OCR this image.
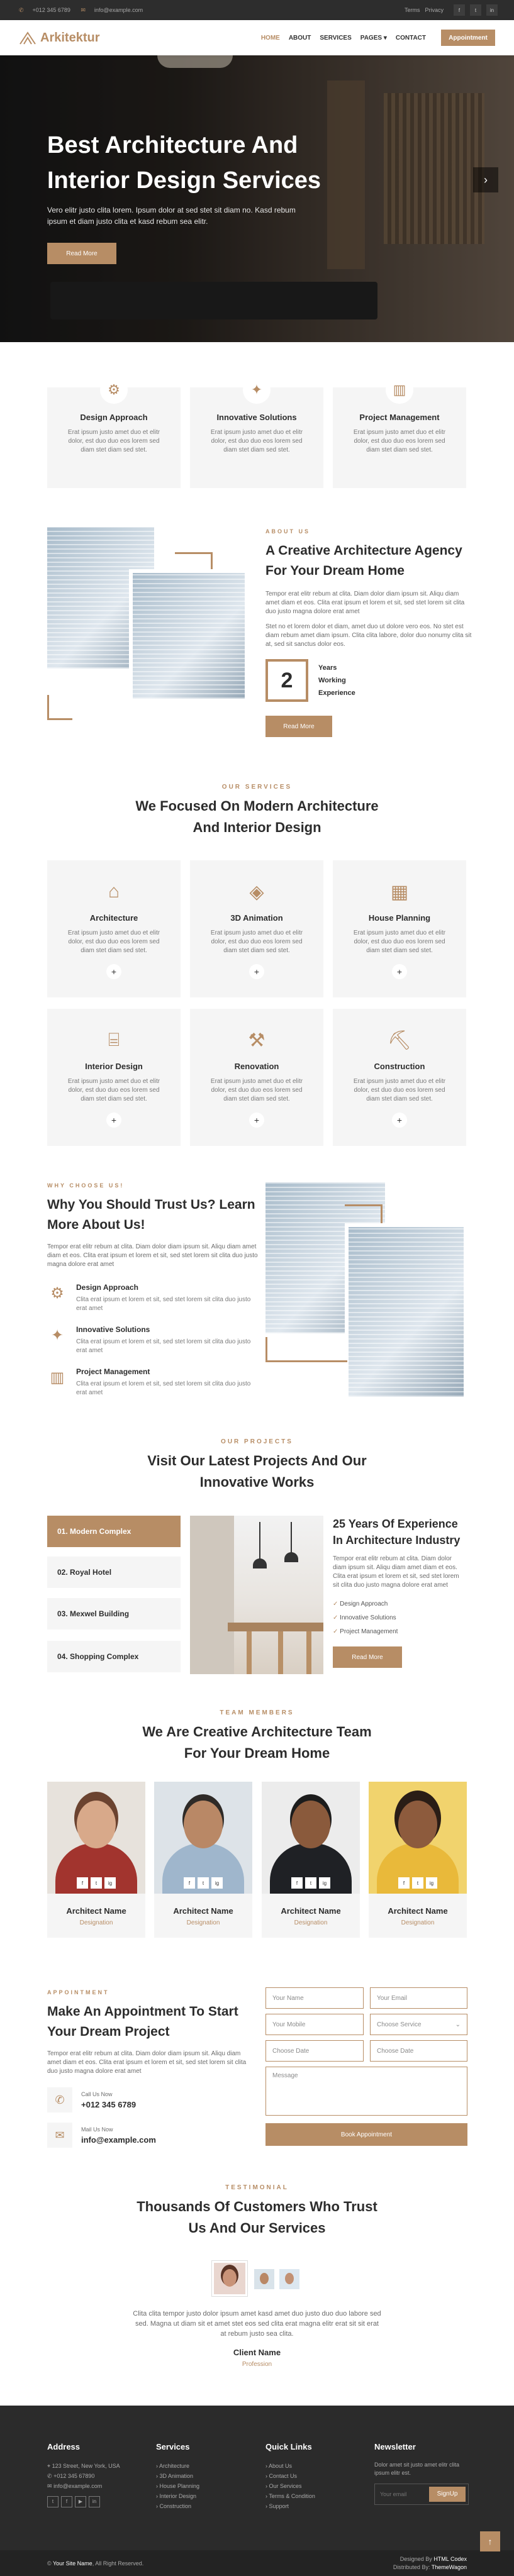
✆ +012 345 6789 ✉ info@example.com	Terms Privacy	f	t	in
Arkitektur	HOME ABOUT SERVICES PAGES ▾ CONTACT	Appointment
›
Best Architecture And Interior Design Services

Vero elitr justo clita lorem. Ipsum dolor at sed stet sit diam no. Kasd rebum ipsum et diam justo clita et kasd rebum sea elitr.

Read More
⚙
Design Approach

Erat ipsum justo amet duo et elitr dolor, est duo duo eos lorem sed diam stet diam sed stet.

✦
Innovative Solutions

Erat ipsum justo amet duo et elitr dolor, est duo duo eos lorem sed diam stet diam sed stet.

▥
Project Management

Erat ipsum justo amet duo et elitr dolor, est duo duo eos lorem sed diam stet diam sed stet.

ABOUT US
A Creative Architecture Agency For Your Dream Home

Tempor erat elitr rebum at clita. Diam dolor diam ipsum sit. Aliqu diam amet diam et eos. Clita erat ipsum et lorem et sit, sed stet lorem sit clita duo justo magna dolore erat amet

Stet no et lorem dolor et diam, amet duo ut dolore vero eos. No stet est diam rebum amet diam ipsum. Clita clita labore, dolor duo nonumy clita sit at, sed sit sanctus dolor eos.

2
Years Working Experience
Read More
OUR SERVICES
We Focused On Modern Architecture And Interior Design
⌂
Architecture

Erat ipsum justo amet duo et elitr dolor, est duo duo eos lorem sed diam stet diam sed stet.

+
◈
3D Animation

Erat ipsum justo amet duo et elitr dolor, est duo duo eos lorem sed diam stet diam sed stet.

+
▦
House Planning

Erat ipsum justo amet duo et elitr dolor, est duo duo eos lorem sed diam stet diam sed stet.

+
⌸
Interior Design

Erat ipsum justo amet duo et elitr dolor, est duo duo eos lorem sed diam stet diam sed stet.

+
⚒
Renovation

Erat ipsum justo amet duo et elitr dolor, est duo duo eos lorem sed diam stet diam sed stet.

+
⛏
Construction

Erat ipsum justo amet duo et elitr dolor, est duo duo eos lorem sed diam stet diam sed stet.

+
WHY CHOOSE US!
Why You Should Trust Us? Learn More About Us!

Tempor erat elitr rebum at clita. Diam dolor diam ipsum sit. Aliqu diam amet diam et eos. Clita erat ipsum et lorem et sit, sed stet lorem sit clita duo justo magna dolore erat amet

⚙	Design Approach

Clita erat ipsum et lorem et sit, sed stet lorem sit clita duo justo erat amet

✦	Innovative Solutions

Clita erat ipsum et lorem et sit, sed stet lorem sit clita duo justo erat amet

▥	Project Management

Clita erat ipsum et lorem et sit, sed stet lorem sit clita duo justo erat amet

OUR PROJECTS
Visit Our Latest Projects And Our Innovative Works
01. Modern Complex
02. Royal Hotel
03. Mexwel Building
04. Shopping Complex
25 Years Of Experience In Architecture Industry

Tempor erat elitr rebum at clita. Diam dolor diam ipsum sit. Aliqu diam amet diam et eos. Clita erat ipsum et lorem et sit, sed stet lorem sit clita duo justo magna dolore erat amet

✓ Design Approach
✓ Innovative Solutions
✓ Project Management
Read More
TEAM MEMBERS
We Are Creative Architecture Team For Your Dream Home
f	t	ig
Architect Name

Designation

f	t	ig
Architect Name

Designation

f	t	ig
Architect Name

Designation

f	t	ig
Architect Name

Designation

APPOINTMENT
Make An Appointment To Start Your Dream Project

Tempor erat elitr rebum at clita. Diam dolor diam ipsum sit. Aliqu diam amet diam et eos. Clita erat ipsum et lorem et sit, sed stet lorem sit clita duo justo magna dolore erat amet

✆	Call Us Now
+012 345 6789
✉	Mail Us Now
info@example.com
Your Name	Your Email
Your Mobile	Choose Service	⌄
Choose Date	Choose Date
Message
Book Appointment
TESTIMONIAL
Thousands Of Customers Who Trust Us And Our Services

Clita clita tempor justo dolor ipsum amet kasd amet duo justo duo duo labore sed sed. Magna ut diam sit et amet stet eos sed clita erat magna elitr erat sit sit erat at rebum justo sea clita.

Client Name
Profession
Address
⌖ 123 Street, New York, USA
✆ +012 345 67890
✉ info@example.com
t	f	▶	in
Services
› Architecture
› 3D Animation
› House Planning
› Interior Design
› Construction
Quick Links
› About Us
› Contact Us
› Our Services
› Terms & Condition
› Support
Newsletter
Dolor amet sit justo amet elitr clita ipsum elitr est.
Your email
SignUp
© Your Site Name, All Right Reserved.
Designed By HTML Codex
Distributed By: ThemeWagon
↑
